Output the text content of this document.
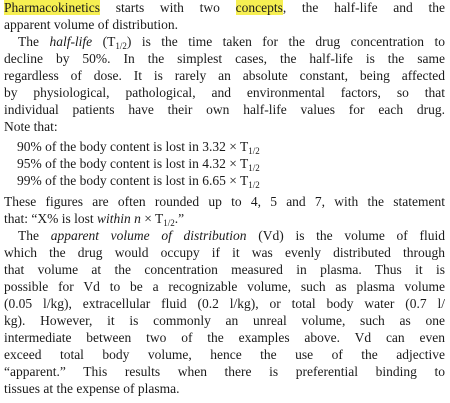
Pharmacokinetics starts with two concepts, the half-life and the
apparent volume of distribution.
The half-life $(T_{1/2})$ is the time taken for the drug concentration to
decline by 50%. In the simplest cases, the half-life is the same
regardless of dose. It is rarely an absolute constant, being affected
by physiological, pathological, and environmental factors, so that
individual patients have their own half-life values for each drug.
Note that:
90% of the body content is lost in $3.32 \times T_{1/2}$
95% of the body content is lost in $4.32 \times T_{1/2}$
99% of the body content is lost in $6.65 \times T_{1/2}$
These figures are often rounded up to 4, 5 and 7, with the statement
that: “X% is lost within $n \times T_{1/2}$.”
The apparent volume of distribution (Vd) is the volume of fluid
which the drug would occupy if it was evenly distributed through
that volume at the concentration measured in plasma. Thus it is
possible for Vd to be a recognizable volume, such as plasma volume
(0.05 l/kg), extracellular fluid (0.2 l/kg), or total body water (0.7 l/
kg). However, it is commonly an unreal volume, such as one
intermediate between two of the examples above. Vd can even
exceed total body volume, hence the use of the adjective
“apparent.” This results when there is preferential binding to
tissues at the expense of plasma.
